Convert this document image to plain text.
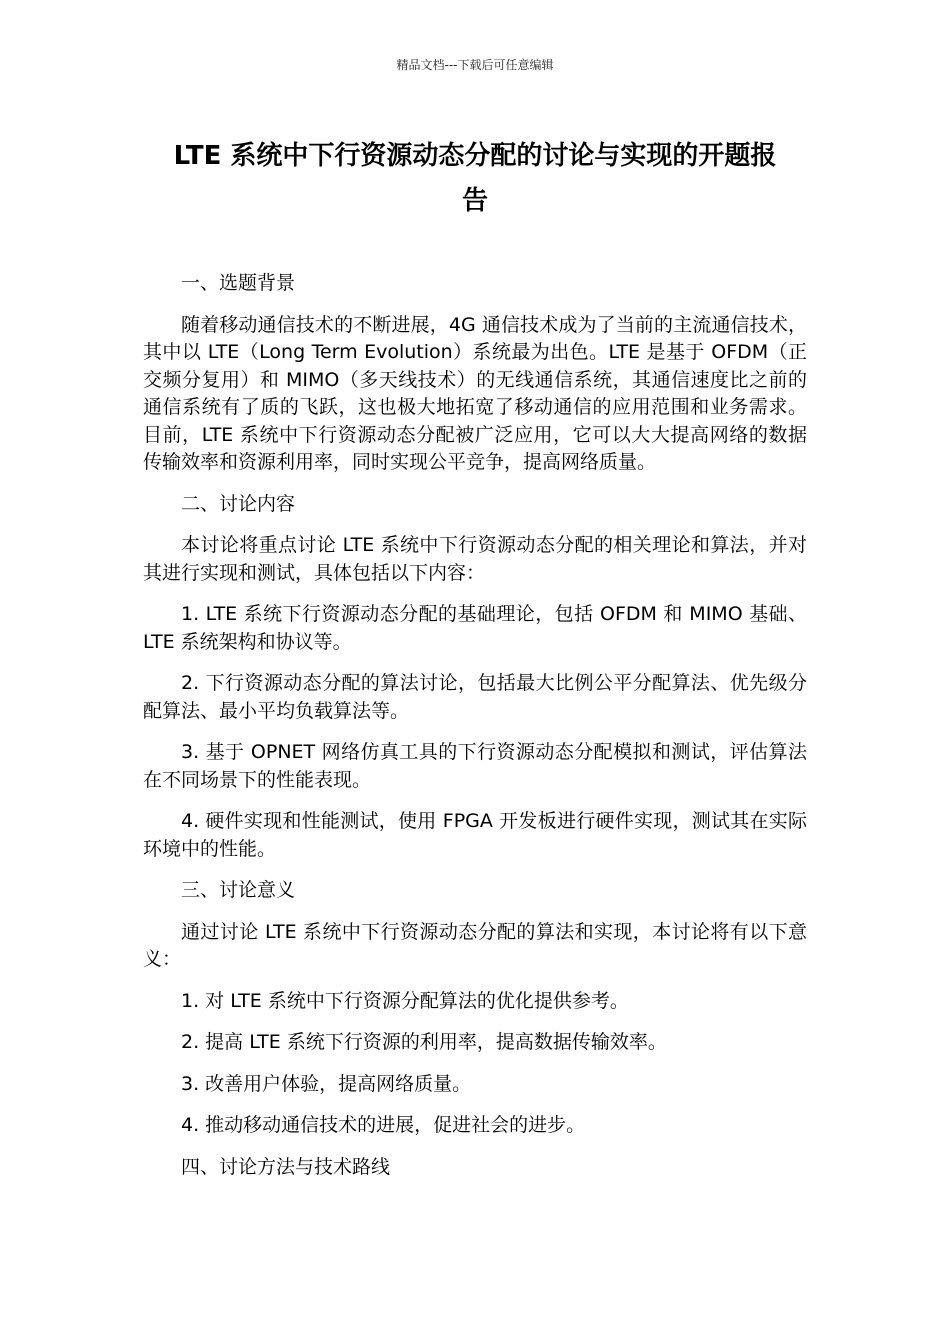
精品文档---下载后可任意编辑
LTE 系统中下行资源动态分配的讨论与实现的开题报
告

一、选题背景

随着移动通信技术的不断进展，4G 通信技术成为了当前的主流通信技术，其中以 LTE（Long Term Evolution）系统最为出色。LTE 是基于 OFDM（正交频分复用）和 MIMO（多天线技术）的无线通信系统，其通信速度比之前的通信系统有了质的飞跃，这也极大地拓宽了移动通信的应用范围和业务需求。目前，LTE 系统中下行资源动态分配被广泛应用，它可以大大提高网络的数据传输效率和资源利用率，同时实现公平竞争，提高网络质量。

二、讨论内容

本讨论将重点讨论 LTE 系统中下行资源动态分配的相关理论和算法，并对其进行实现和测试，具体包括以下内容：

1. LTE 系统下行资源动态分配的基础理论，包括 OFDM 和 MIMO 基础、LTE 系统架构和协议等。

2. 下行资源动态分配的算法讨论，包括最大比例公平分配算法、优先级分配算法、最小平均负载算法等。

3. 基于 OPNET 网络仿真工具的下行资源动态分配模拟和测试，评估算法在不同场景下的性能表现。

4. 硬件实现和性能测试，使用 FPGA 开发板进行硬件实现，测试其在实际环境中的性能。

三、讨论意义

通过讨论 LTE 系统中下行资源动态分配的算法和实现，本讨论将有以下意义：

1. 对 LTE 系统中下行资源分配算法的优化提供参考。

2. 提高 LTE 系统下行资源的利用率，提高数据传输效率。

3. 改善用户体验，提高网络质量。

4. 推动移动通信技术的进展，促进社会的进步。

四、讨论方法与技术路线
